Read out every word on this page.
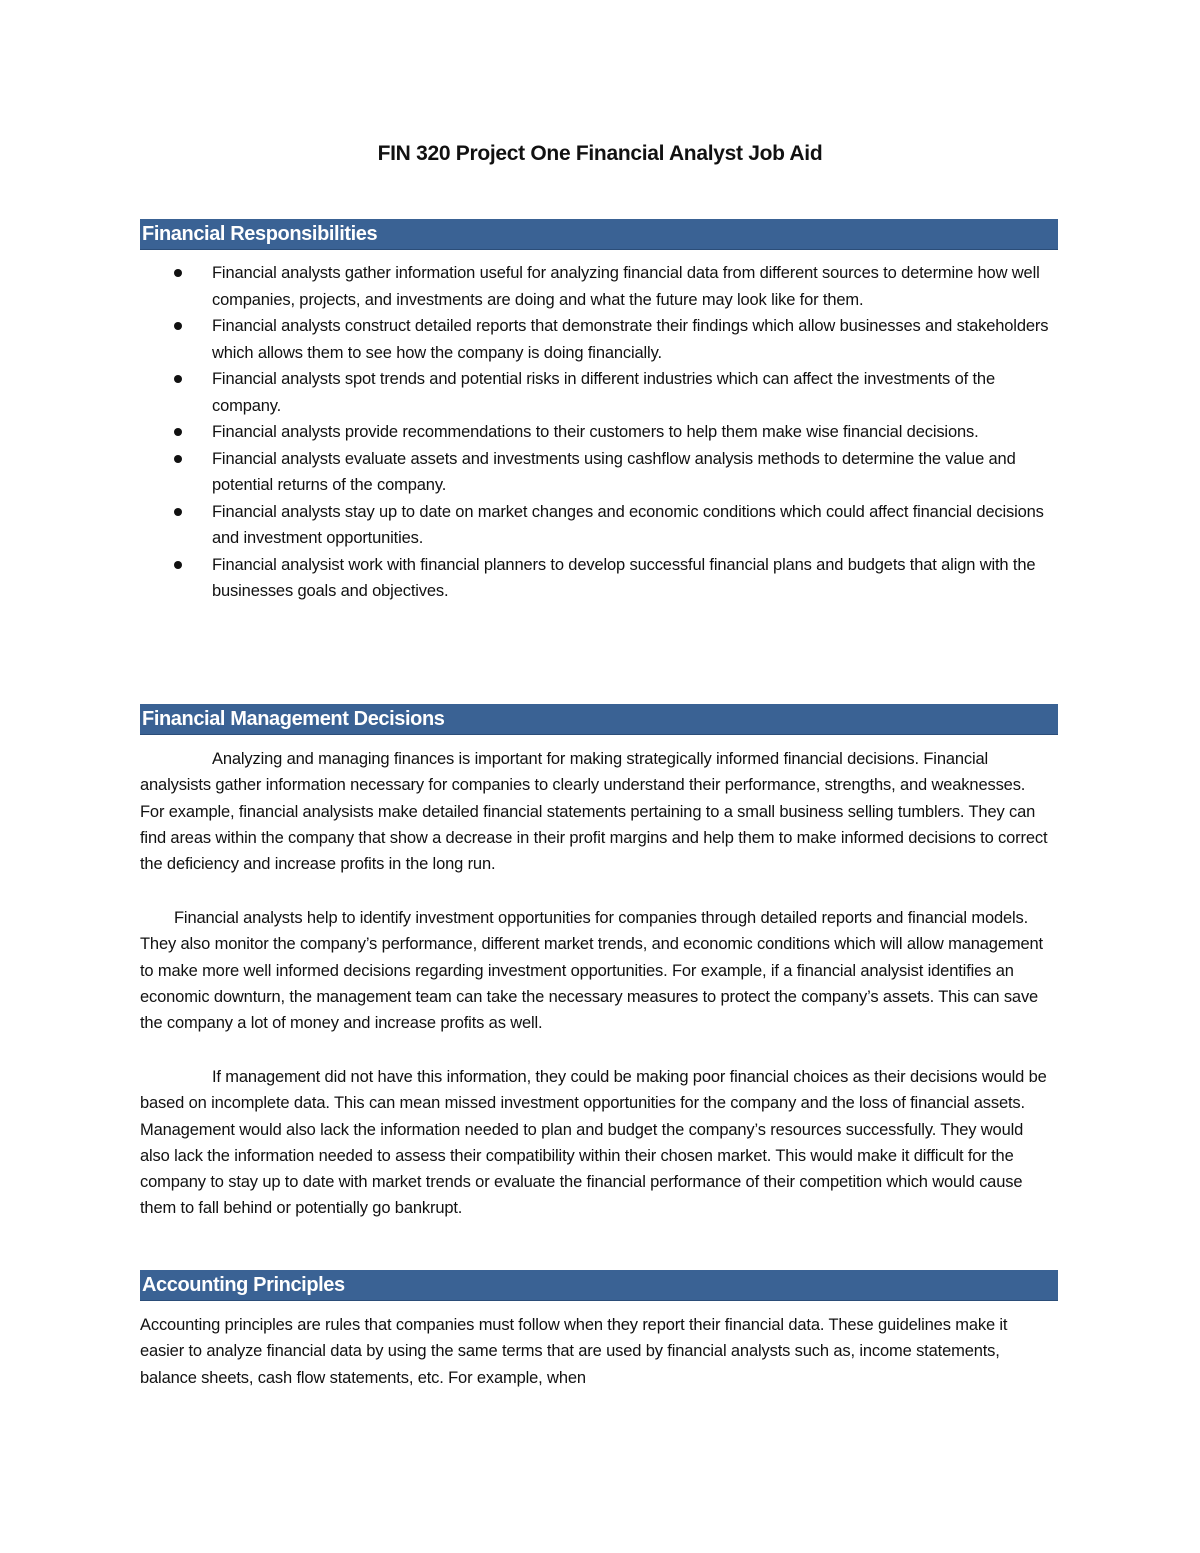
FIN 320 Project One Financial Analyst Job Aid
Financial Responsibilities
Financial analysts gather information useful for analyzing financial data from different sources to determine how well companies, projects, and investments are doing and what the future may look like for them.
Financial analysts construct detailed reports that demonstrate their findings which allow businesses and stakeholders which allows them to see how the company is doing financially.
Financial analysts spot trends and potential risks in different industries which can affect the investments of the company.
Financial analysts provide recommendations to their customers to help them make wise financial decisions.
Financial analysts evaluate assets and investments using cashflow analysis methods to determine the value and potential returns of the company.
Financial analysts stay up to date on market changes and economic conditions which could affect financial decisions and investment opportunities.
Financial analysist work with financial planners to develop successful financial plans and budgets that align with the businesses goals and objectives.
Financial Management Decisions

Analyzing and managing finances is important for making strategically informed financial decisions. Financial analysists gather information necessary for companies to clearly understand their performance, strengths, and weaknesses. For example, financial analysists make detailed financial statements pertaining to a small business selling tumblers. They can find areas within the company that show a decrease in their profit margins and help them to make informed decisions to correct the deficiency and increase profits in the long run.

Financial analysts help to identify investment opportunities for companies through detailed reports and financial models. They also monitor the company’s performance, different market trends, and economic conditions which will allow management to make more well informed decisions regarding investment opportunities. For example, if a financial analysist identifies an economic downturn, the management team can take the necessary measures to protect the company’s assets. This can save the company a lot of money and increase profits as well.

If management did not have this information, they could be making poor financial choices as their decisions would be based on incomplete data. This can mean missed investment opportunities for the company and the loss of financial assets. Management would also lack the information needed to plan and budget the company’s resources successfully. They would also lack the information needed to assess their compatibility within their chosen market. This would make it difficult for the company to stay up to date with market trends or evaluate the financial performance of their competition which would cause them to fall behind or potentially go bankrupt.

Accounting Principles

Accounting principles are rules that companies must follow when they report their financial data. These guidelines make it easier to analyze financial data by using the same terms that are used by financial analysts such as, income statements, balance sheets, cash flow statements, etc. For example, when
